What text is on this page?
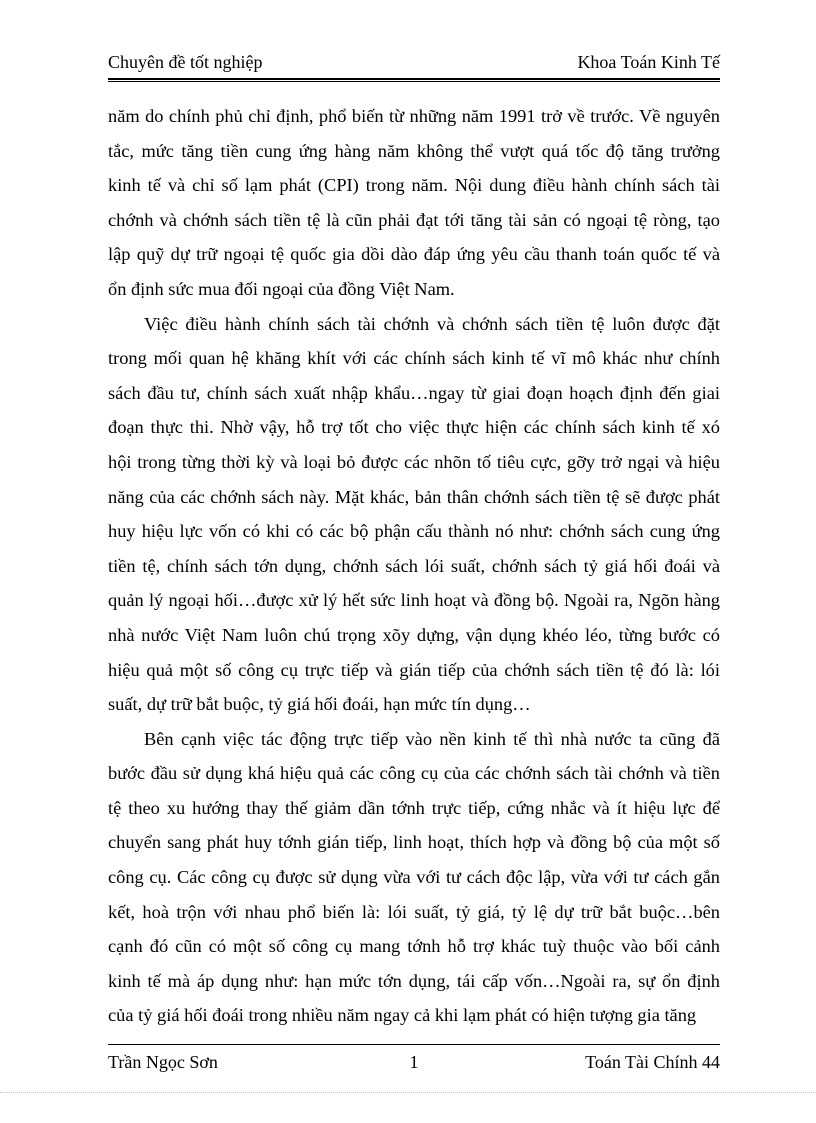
Chuyên đề tốt nghiệp	Khoa Toán Kinh Tế
năm do chính phủ chỉ định, phổ biến từ những năm 1991 trở về trước. Về nguyên
tắc, mức tăng tiền cung ứng hàng năm không thể vượt quá tốc độ tăng trưởng
kinh tế và chỉ số lạm phát (CPI) trong năm. Nội dung điều hành chính sách tài
chớnh và chớnh sách tiền tệ là cũn phải đạt tới tăng tài sản có ngoại tệ ròng, tạo
lập quỹ dự trữ ngoại tệ quốc gia dồi dào đáp ứng yêu cầu thanh toán quốc tế và
ổn định sức mua đối ngoại của đồng Việt Nam.
Việc điều hành chính sách tài chớnh và chớnh sách tiền tệ luôn được đặt
trong mối quan hệ khăng khít với các chính sách kinh tế vĩ mô khác như chính
sách đầu tư, chính sách xuất nhập khẩu…ngay từ giai đoạn hoạch định đến giai
đoạn thực thi. Nhờ vậy, hỗ trợ tốt cho việc thực hiện các chính sách kinh tế xó
hội trong từng thời kỳ và loại bỏ được các nhõn tố tiêu cực, gỡy trở ngại và hiệu
năng của các chớnh sách này. Mặt khác, bản thân chớnh sách tiền tệ sẽ được phát
huy hiệu lực vốn có khi có các bộ phận cấu thành nó như: chớnh sách cung ứng
tiền tệ, chính sách tớn dụng, chớnh sách lói suất, chớnh sách tỷ giá hối đoái và
quản lý ngoại hối…được xử lý hết sức linh hoạt và đồng bộ. Ngoài ra, Ngõn hàng
nhà nước Việt Nam luôn chú trọng xõy dựng, vận dụng khéo léo, từng bước có
hiệu quả một số công cụ trực tiếp và gián tiếp của chớnh sách tiền tệ đó là: lói
suất, dự trữ bắt buộc, tỷ giá hối đoái, hạn mức tín dụng…
Bên cạnh việc tác động trực tiếp vào nền kinh tế thì nhà nước ta cũng đã
bước đầu sử dụng khá hiệu quả các công cụ của các chớnh sách tài chớnh và tiền
tệ theo xu hướng thay thế giảm dần tớnh trực tiếp, cứng nhắc và ít hiệu lực để
chuyển sang phát huy tớnh gián tiếp, linh hoạt, thích hợp và đồng bộ của một số
công cụ. Các công cụ được sử dụng vừa với tư cách độc lập, vừa với tư cách gắn
kết, hoà trộn với nhau phổ biến là: lói suất, tỷ giá, tỷ lệ dự trữ bắt buộc…bên
cạnh đó cũn có một số công cụ mang tớnh hỗ trợ khác tuỳ thuộc vào bối cảnh
kinh tế mà áp dụng như: hạn mức tớn dụng, tái cấp vốn…Ngoài ra, sự ổn định
của tỷ giá hối đoái trong nhiều năm ngay cả khi lạm phát có hiện tượng gia tăng
Trần Ngọc Sơn	1	Toán Tài Chính 44
